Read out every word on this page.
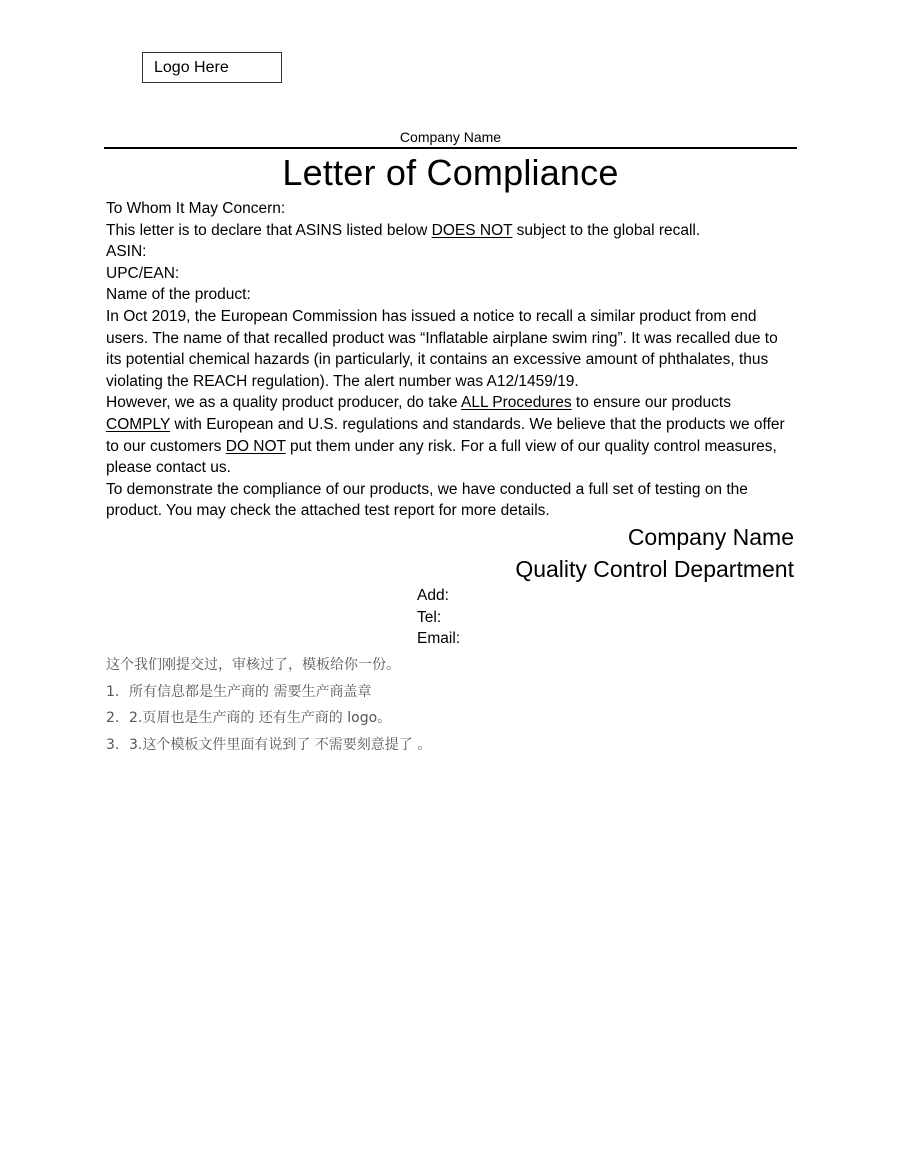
Logo Here
Company Name
Letter of Compliance

To Whom It May Concern:

This letter is to declare that ASINS listed below DOES NOT subject to the global recall.

ASIN:

UPC/EAN:

Name of the product:

In Oct 2019, the European Commission has issued a notice to recall a similar product from end users. The name of that recalled product was “Inflatable airplane swim ring”. It was recalled due to its potential chemical hazards (in particularly, it contains an excessive amount of phthalates, thus violating the REACH regulation). The alert number was A12/1459/19.

However, we as a quality product producer, do take ALL Procedures to ensure our products COMPLY with European and U.S. regulations and standards. We believe that the products we offer to our customers DO NOT put them under any risk. For a full view of our quality control measures, please contact us.

To demonstrate the compliance of our products, we have conducted a full set of testing on the product. You may check the attached test report for more details.

Company Name
Quality Control Department
Add:
Tel:
Email:

这个我们刚提交过，审核过了，模板给你一份。

1. 所有信息都是生产商的 需要生产商盖章
2. 2.页眉也是生产商的 还有生产商的 logo。
3. 3.这个模板文件里面有说到了 不需要刻意提了 。
